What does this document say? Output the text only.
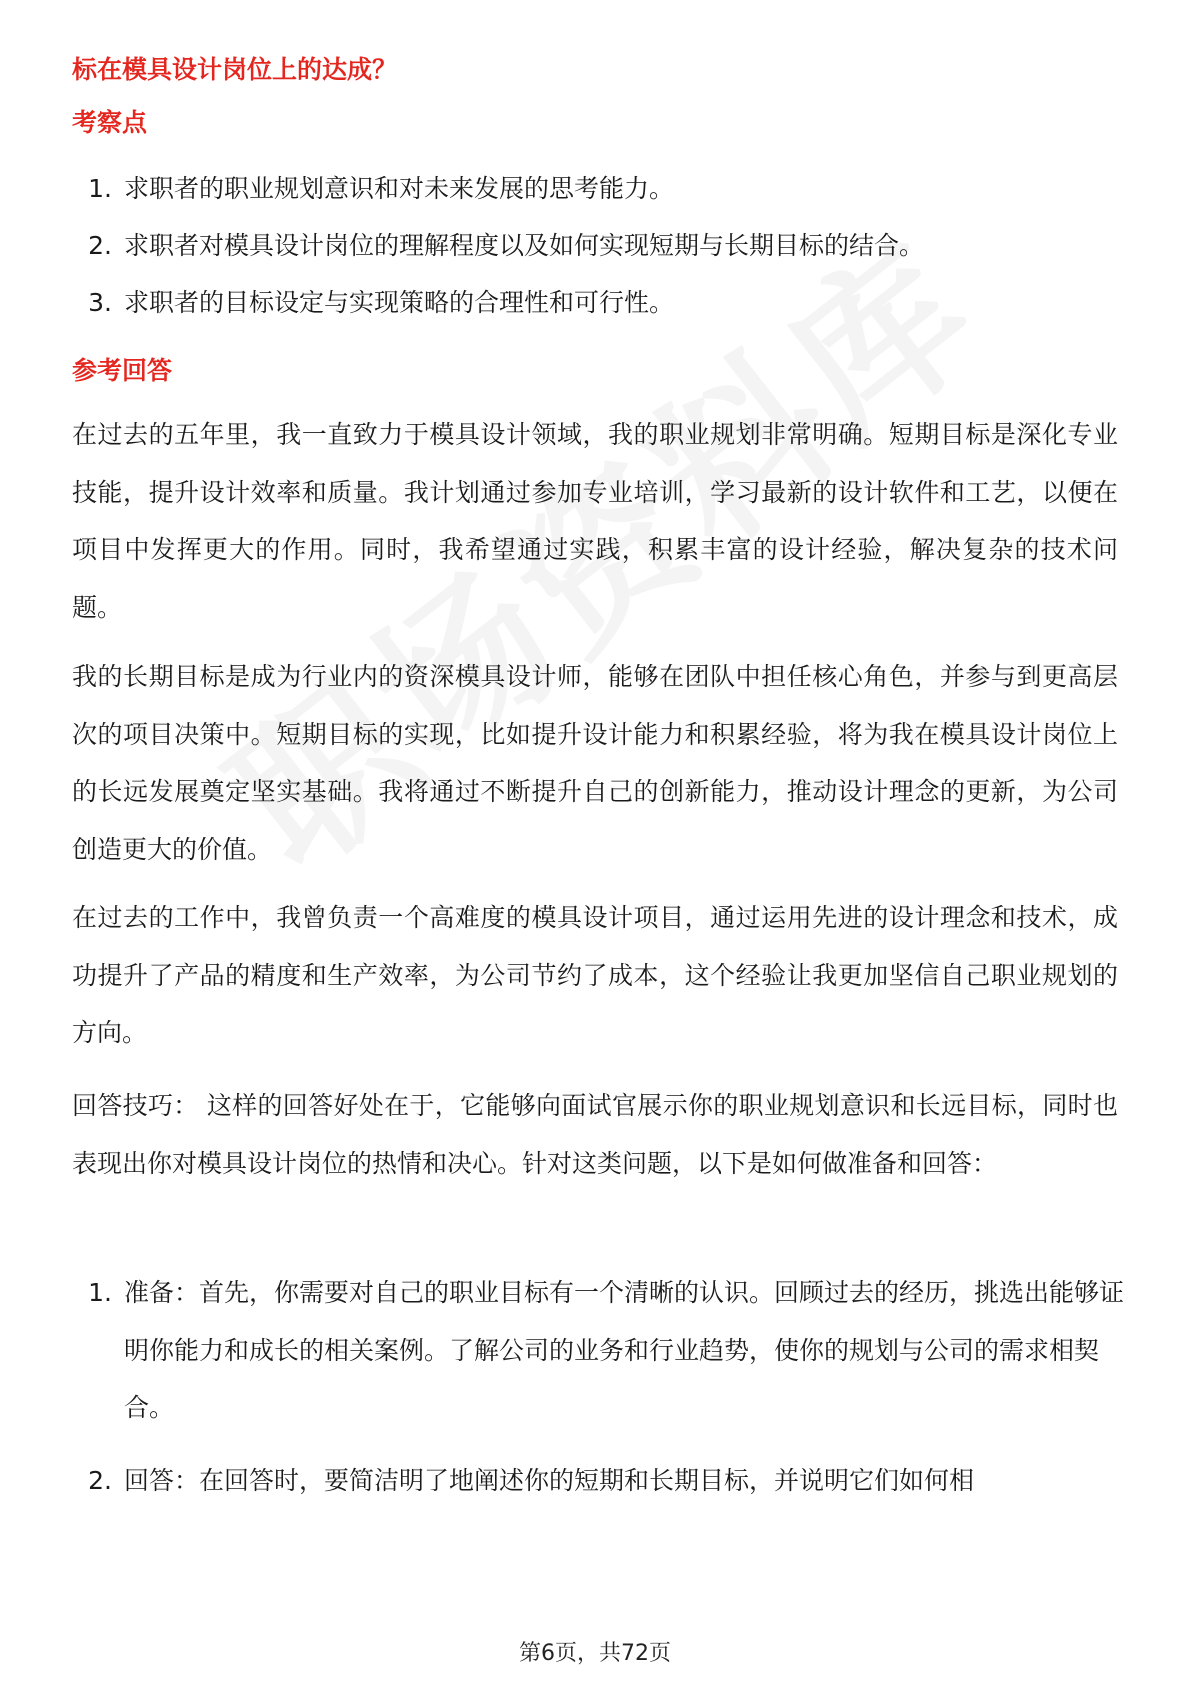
标在模具设计岗位上的达成？
考察点
1. 求职者的职业规划意识和对未来发展的思考能力。
2. 求职者对模具设计岗位的理解程度以及如何实现短期与长期目标的结合。
3. 求职者的目标设定与实现策略的合理性和可行性。
参考回答
在过去的五年里，我一直致力于模具设计领域，我的职业规划非常明确。短期目标是深化专业技能，提升设计效率和质量。我计划通过参加专业培训，学习最新的设计软件和工艺，以便在项目中发挥更大的作用。同时，我希望通过实践，积累丰富的设计经验，解决复杂的技术问题。
我的长期目标是成为行业内的资深模具设计师，能够在团队中担任核心角色，并参与到更高层次的项目决策中。短期目标的实现，比如提升设计能力和积累经验，将为我在模具设计岗位上的长远发展奠定坚实基础。我将通过不断提升自己的创新能力，推动设计理念的更新，为公司创造更大的价值。
在过去的工作中，我曾负责一个高难度的模具设计项目，通过运用先进的设计理念和技术，成功提升了产品的精度和生产效率，为公司节约了成本，这个经验让我更加坚信自己职业规划的方向。
回答技巧： 这样的回答好处在于，它能够向面试官展示你的职业规划意识和长远目标，同时也表现出你对模具设计岗位的热情和决心。针对这类问题，以下是如何做准备和回答：
1. 准备：首先，你需要对自己的职业目标有一个清晰的认识。回顾过去的经历，挑选出能够证明你能力和成长的相关案例。了解公司的业务和行业趋势，使你的规划与公司的需求相契合。
2. 回答：在回答时，要简洁明了地阐述你的短期和长期目标，并说明它们如何相
第6页，共72页
